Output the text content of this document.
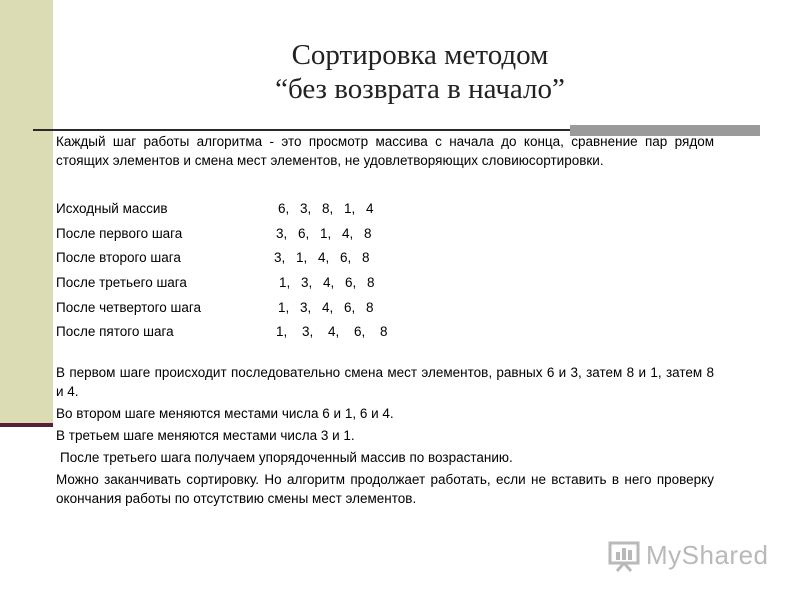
Сортировка методом
“без возврата в начало”

Каждый шаг работы алгоритма - это просмотр массива с начала до конца, сравнение пар рядом стоящих элементов и смена мест элементов, не удовлетворяющих словиюсортировки.

Исходный массив	6, 3, 8, 1, 4
После первого шага	3, 6, 1, 4, 8
После второго шага	3, 1, 4, 6, 8
После третьего шага	1, 3, 4, 6, 8
После четвертого шага	1, 3, 4, 6, 8
После пятого шага	1, 3, 4, 6, 8

В первом шаге происходит последовательно смена мест элементов, равных 6 и 3, затем 8 и 1, затем 8 и 4.

Во втором шаге меняются местами числа 6 и 1, 6 и 4.

В третьем шаге меняются местами числа 3 и 1.

После третьего шага получаем упорядоченный массив по возрастанию.

Можно заканчивать сортировку. Но алгоритм продолжает работать, если не вставить в него проверку окончания работы по отсутствию смены мест элементов.

MyShared
